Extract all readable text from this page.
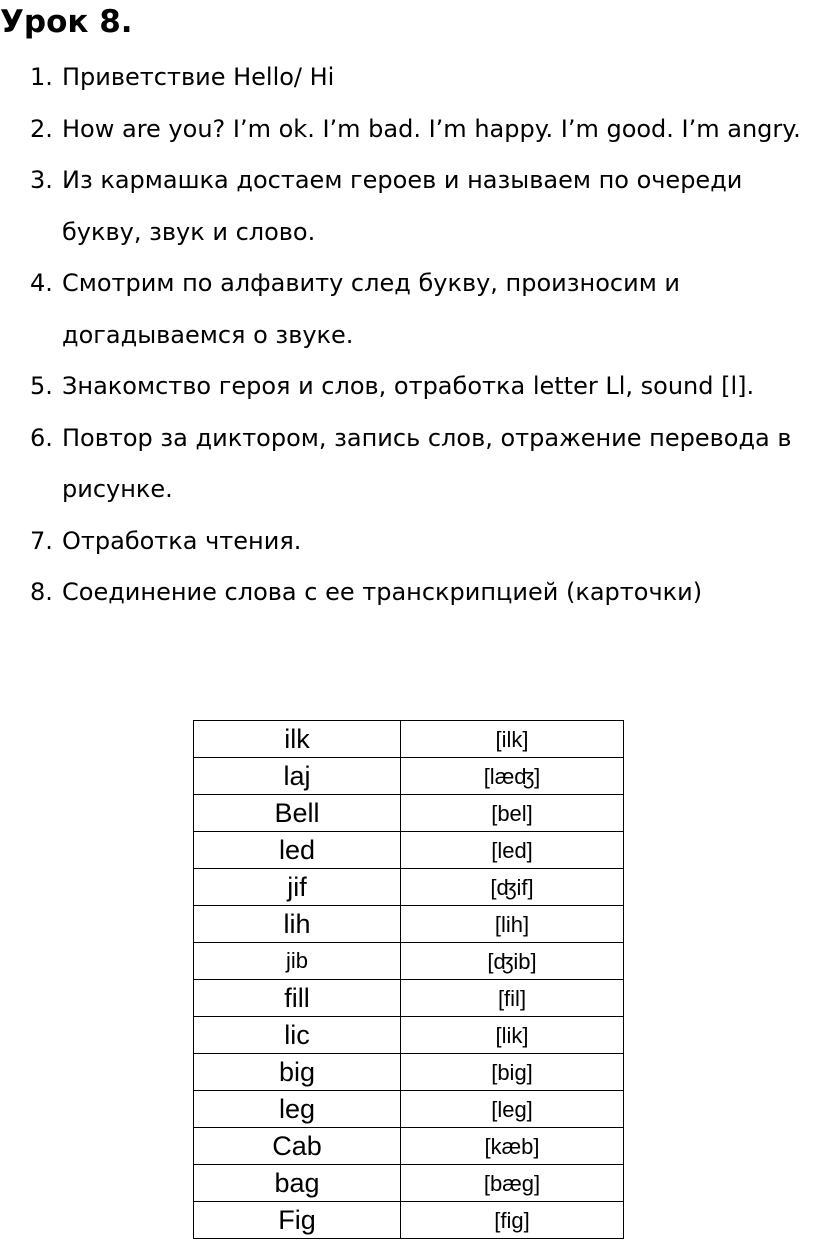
Урок 8.
1. Приветствие Hello/ Hi
2. How are you? I’m ok. I’m bad. I’m happy. I’m good. I’m angry.
3. Из кармашка достаем героев и называем по очереди букву, звук и слово.
4. Смотрим по алфавиту след букву, произносим и догадываемся о звуке.
5. Знакомство героя и слов, отработка letter Ll, sound [l].
6. Повтор за диктором, запись слов, отражение перевода в рисунке.
7. Отработка чтения.
8. Соединение слова с ее транскрипцией (карточки)
ilk	[ilk]
laj	[læʤ]
Bell	[bel]
led	[led]
jif	[ʤif]
lih	[lih]
jib	[ʤib]
fill	[fil]
lic	[lik]
big	[big]
leg	[leg]
Cab	[kæb]
bag	[bæg]
Fig	[fig]
